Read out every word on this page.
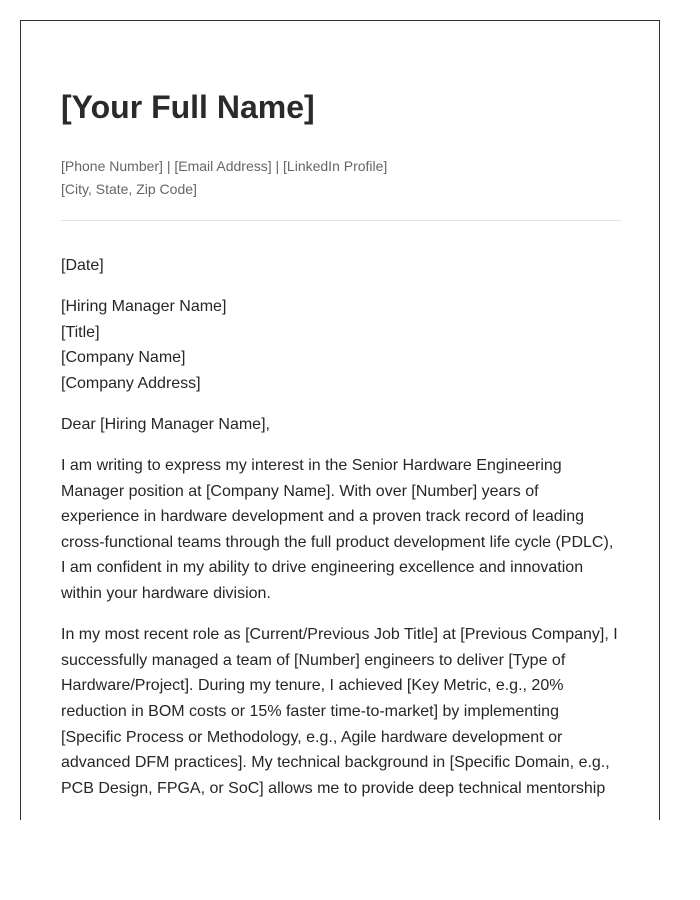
[Your Full Name]
[Phone Number] | [Email Address] | [LinkedIn Profile]
[City, State, Zip Code]

[Date]

[Hiring Manager Name]
[Title]
[Company Name]
[Company Address]

Dear [Hiring Manager Name],

I am writing to express my interest in the Senior Hardware Engineering Manager position at [Company Name]. With over [Number] years of experience in hardware development and a proven track record of leading cross-functional teams through the full product development life cycle (PDLC), I am confident in my ability to drive engineering excellence and innovation within your hardware division.

In my most recent role as [Current/Previous Job Title] at [Previous Company], I successfully managed a team of [Number] engineers to deliver [Type of Hardware/Project]. During my tenure, I achieved [Key Metric, e.g., 20% reduction in BOM costs or 15% faster time-to-market] by implementing [Specific Process or Methodology, e.g., Agile hardware development or advanced DFM practices]. My technical background in [Specific Domain, e.g., PCB Design, FPGA, or SoC] allows me to provide deep technical mentorship
